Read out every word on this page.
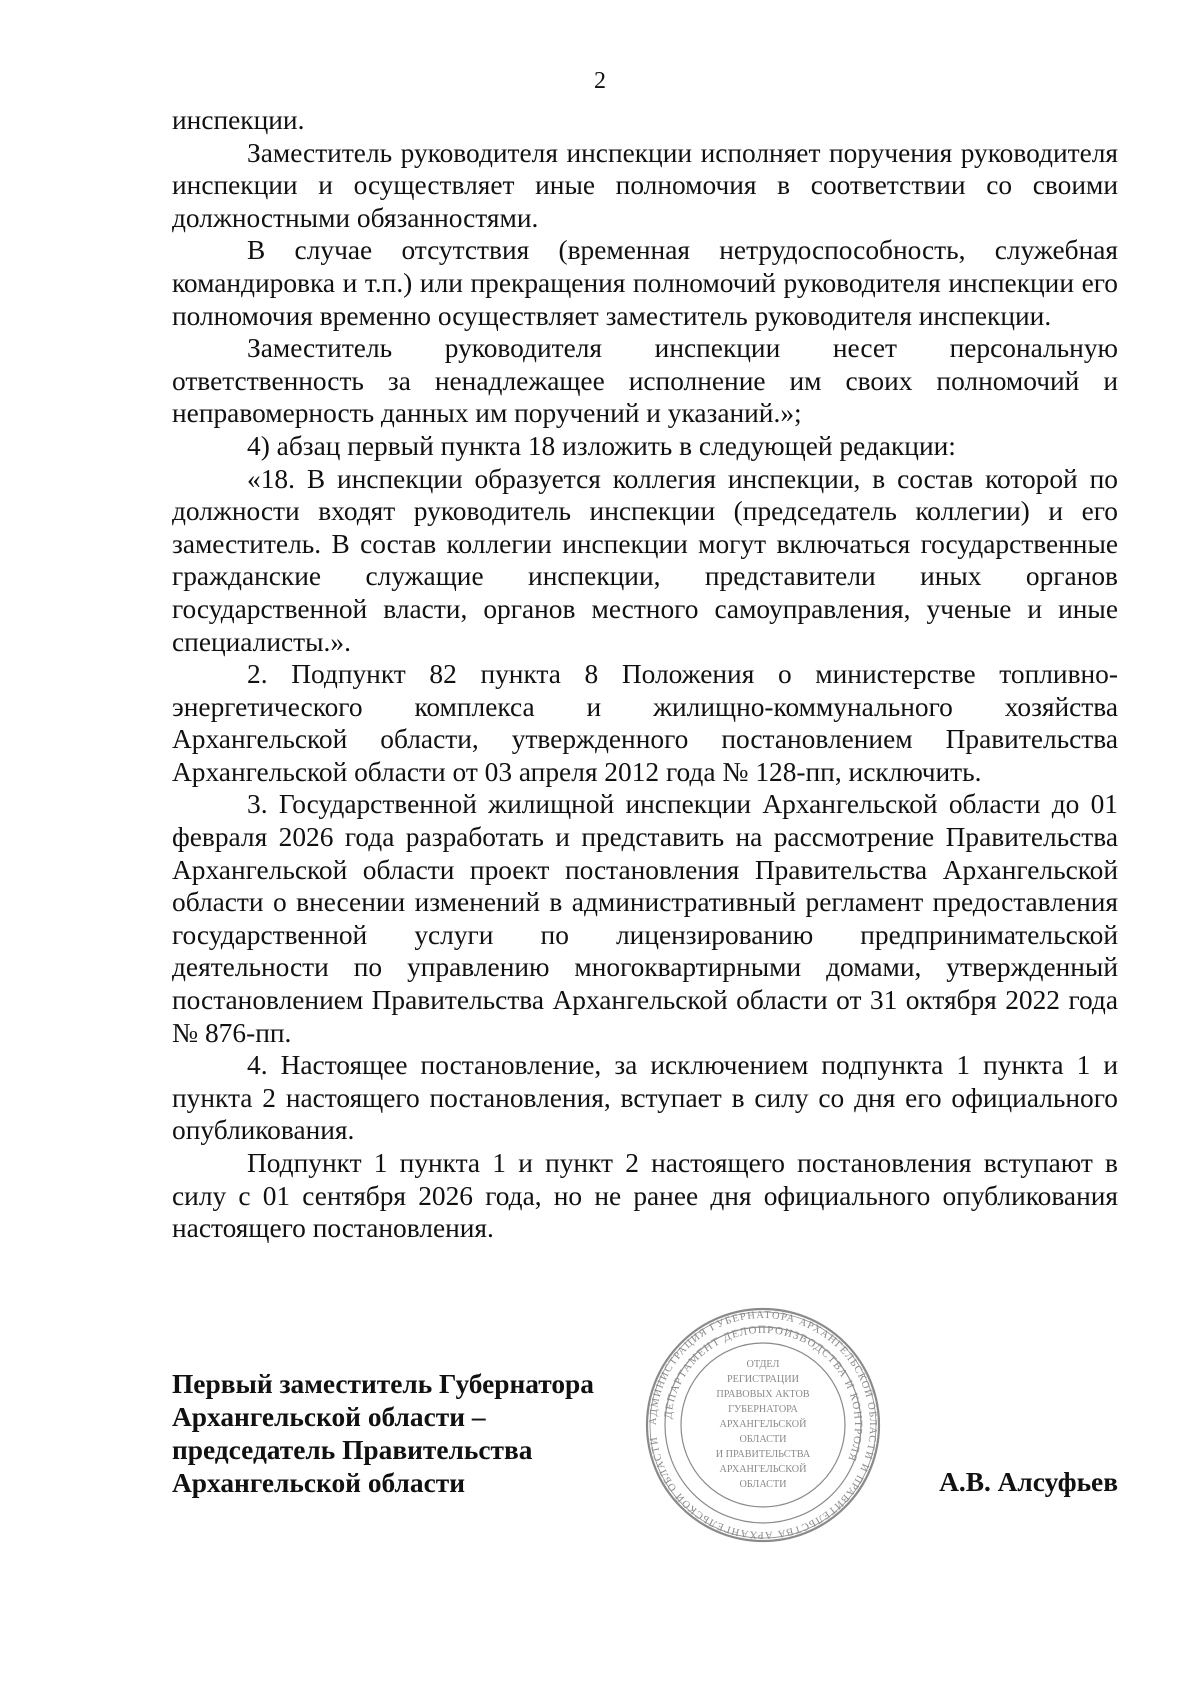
2

инспекции.

Заместитель руководителя инспекции исполняет поручения руководителя инспекции и осуществляет иные полномочия в соответствии со своими должностными обязанностями.

В случае отсутствия (временная нетрудоспособность, служебная командировка и т.п.) или прекращения полномочий руководителя инспекции его полномочия временно осуществляет заместитель руководителя инспекции.

Заместитель руководителя инспекции несет персональную ответственность за ненадлежащее исполнение им своих полномочий и неправомерность данных им поручений и указаний.»;

4) абзац первый пункта 18 изложить в следующей редакции:

«18. В инспекции образуется коллегия инспекции, в состав которой по должности входят руководитель инспекции (председатель коллегии) и его заместитель. В состав коллегии инспекции могут включаться государственные гражданские служащие инспекции, представители иных органов государственной власти, органов местного самоуправления, ученые и иные специалисты.».

2. Подпункт 82 пункта 8 Положения о министерстве топливно-энергетического комплекса и жилищно-коммунального хозяйства Архангельской области, утвержденного постановлением Правительства Архангельской области от 03 апреля 2012 года № 128-пп, исключить.

3. Государственной жилищной инспекции Архангельской области до 01 февраля 2026 года разработать и представить на рассмотрение Правительства Архангельской области проект постановления Правительства Архангельской области о внесении изменений в административный регламент предоставления государственной услуги по лицензированию предпринимательской деятельности по управлению многоквартирными домами, утвержденный постановлением Правительства Архангельской области от 31 октября 2022 года № 876-пп.

4. Настоящее постановление, за исключением подпункта 1 пункта 1 и пункта 2 настоящего постановления, вступает в силу со дня его официального опубликования.

Подпункт 1 пункта 1 и пункт 2 настоящего постановления вступают в силу с 01 сентября 2026 года, но не ранее дня официального опубликования настоящего постановления.

Первый заместитель Губернатора
Архангельской области –
председатель Правительства
Архангельской области
АДМИНИСТРАЦИЯ ГУБЕРНАТОРА АРХАНГЕЛЬСКОЙ ОБЛАСТИ И ПРАВИТЕЛЬСТВА АРХАНГЕЛЬСКОЙ ОБЛАСТИ
ДЕПАРТАМЕНТ ДЕЛОПРОИЗВОДСТВА И КОНТРОЛЯ
ОТДЕЛ
РЕГИСТРАЦИИ
ПРАВОВЫХ АКТОВ
ГУБЕРНАТОРА
АРХАНГЕЛЬСКОЙ
ОБЛАСТИ
И ПРАВИТЕЛЬСТВА
АРХАНГЕЛЬСКОЙ
ОБЛАСТИ	А.В. Алсуфьев
